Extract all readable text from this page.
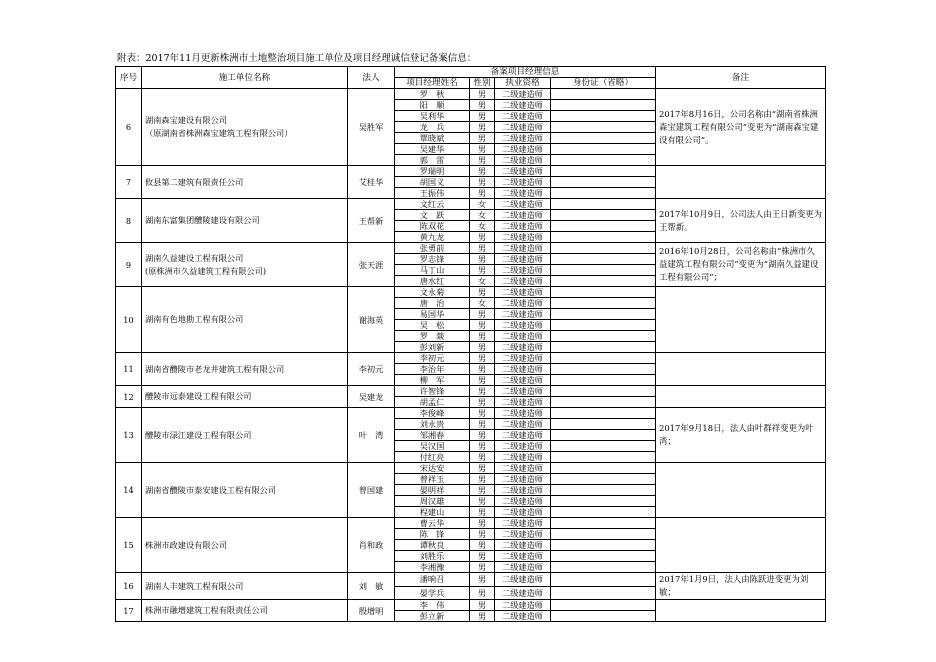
附表：2017年11月更新株洲市土地整治项目施工单位及项目经理诚信登记备案信息：
序号	施工单位名称	法人	备案项目经理信息				备注
			项目经理姓名	性别	执业资格	身份证（省略）	
6	湖南森宝建设有限公司
（原湖南省株洲森宝建筑工程有限公司）	吴胜军	罗　秋	男	二级建造师		2017年8月16日，公司名称由“湖南省株洲森宝建筑工程有限公司”变更为“湖南森宝建设有限公司”。
			阳　顺	男	二级建造师		
			吴利华	男	二级建造师		
			龙　兵	男	二级建造师		
			覃晓斌	男	二级建造师		
			吴建华	男	二级建造师		
			郭　雷	男	二级建造师		
7	攸县第二建筑有限责任公司	艾桂华	罗瑞明	男	二级建造师		
			胡国义	男	二级建造师		
			王振伟	男	二级建造师		
8	湖南东富集团醴陵建设有限公司	王帮新	文红云	女	二级建造师		2017年10月9日，公司法人由王日新变更为王帮新。
			文　跃	女	二级建造师		
			陈双花	女	二级建造师		
			黄九龙	男	二级建造师		
9	湖南久益建设工程有限公司
(原株洲市久益建筑工程有限公司)	张天涯	张勇前	男	二级建造师		2016年10月28日，公司名称由“株洲市久益建筑工程有限公司”变更为“湖南久益建设工程有限公司”；
			罗志锋	男	二级建造师		
			马丁山	男	二级建造师		
			唐水红	女	二级建造师		
10	湖南有色地勘工程有限公司	谢海英	文永菊	男	二级建造师		
			唐　治	女	二级建造师		
			易国华	男	二级建造师		
			吴　松	男	二级建造师		
			罗　燚	男	二级建造师		
			彭刘新	男	二级建造师		
11	湖南省醴陵市老龙井建筑工程有限公司	李初元	李初元	男	二级建造师		
			李治年	男	二级建造师		
			柳　军	男	二级建造师		
12	醴陵市远泰建设工程有限公司	吴建龙	许智锋	男	二级建造师		
			胡孟仁	男	二级建造师		
13	醴陵市渌江建设工程有限公司	叶　湾	李俊峰	男	二级建造师		2017年9月18日，法人由叶群祥变更为叶湾；
			刘永贵	男	二级建造师		
			邹湘春	男	二级建造师		
			吴汉国	男	二级建造师		
			付红亮	男	二级建造师		
14	湖南省醴陵市泰安建设工程有限公司	曾国建	宋达安	男	二级建造师		
			曾祥玉	男	二级建造师		
			晏明祥	男	二级建造师		
			周汉雄	男	二级建造师		
			程建山	男	二级建造师		
15	株洲市政建设有限公司	肖和政	曹云华	男	二级建造师		
			陈　锋	男	二级建造师		
			谭秋良	男	二级建造师		
			刘胜乐	男	二级建造师		
			李湘豫	男	二级建造师		
16	湖南人丰建筑工程有限公司	刘　敏	潘响召	男	二级建造师		2017年1月9日，法人由陈跃进变更为刘敏；
			晏学兵	男	二级建造师		
17	株洲市融增建筑工程有限责任公司	殷增明	李　伟	男	二级建造师		
			彭立新	男	二级建造师		
